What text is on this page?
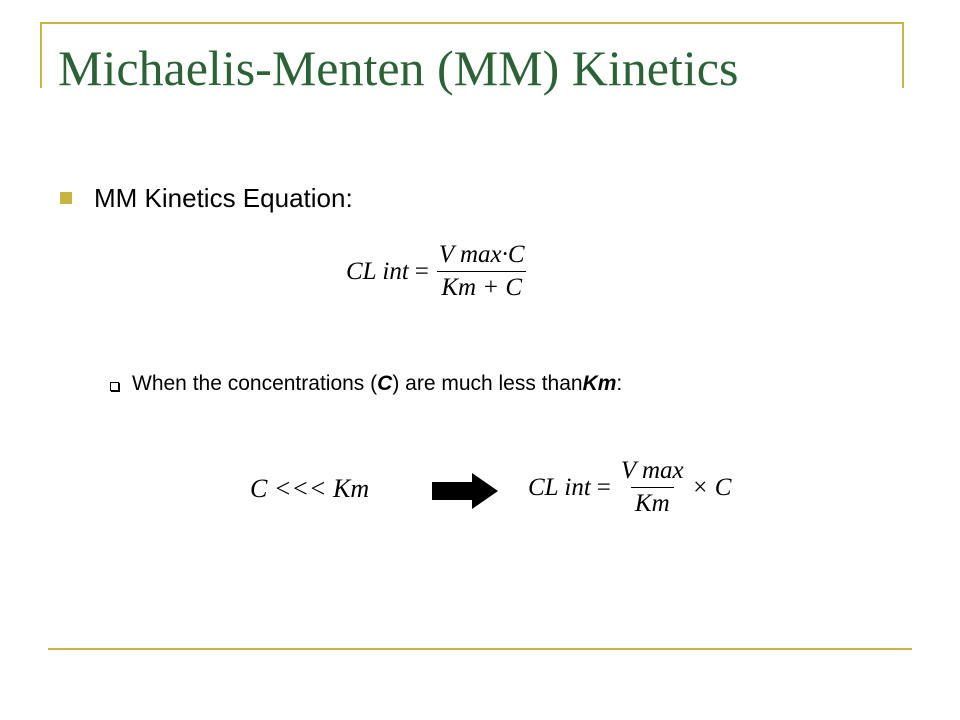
Michaelis-Menten (MM) Kinetics
MM Kinetics Equation:
CL int = $\frac{\text{V max·C}}{Km + C}$
When the concentrations ( C ) are much less than Km :
C <<< Km	CL int = $\frac{\text{V max}}{Km} \times C$
